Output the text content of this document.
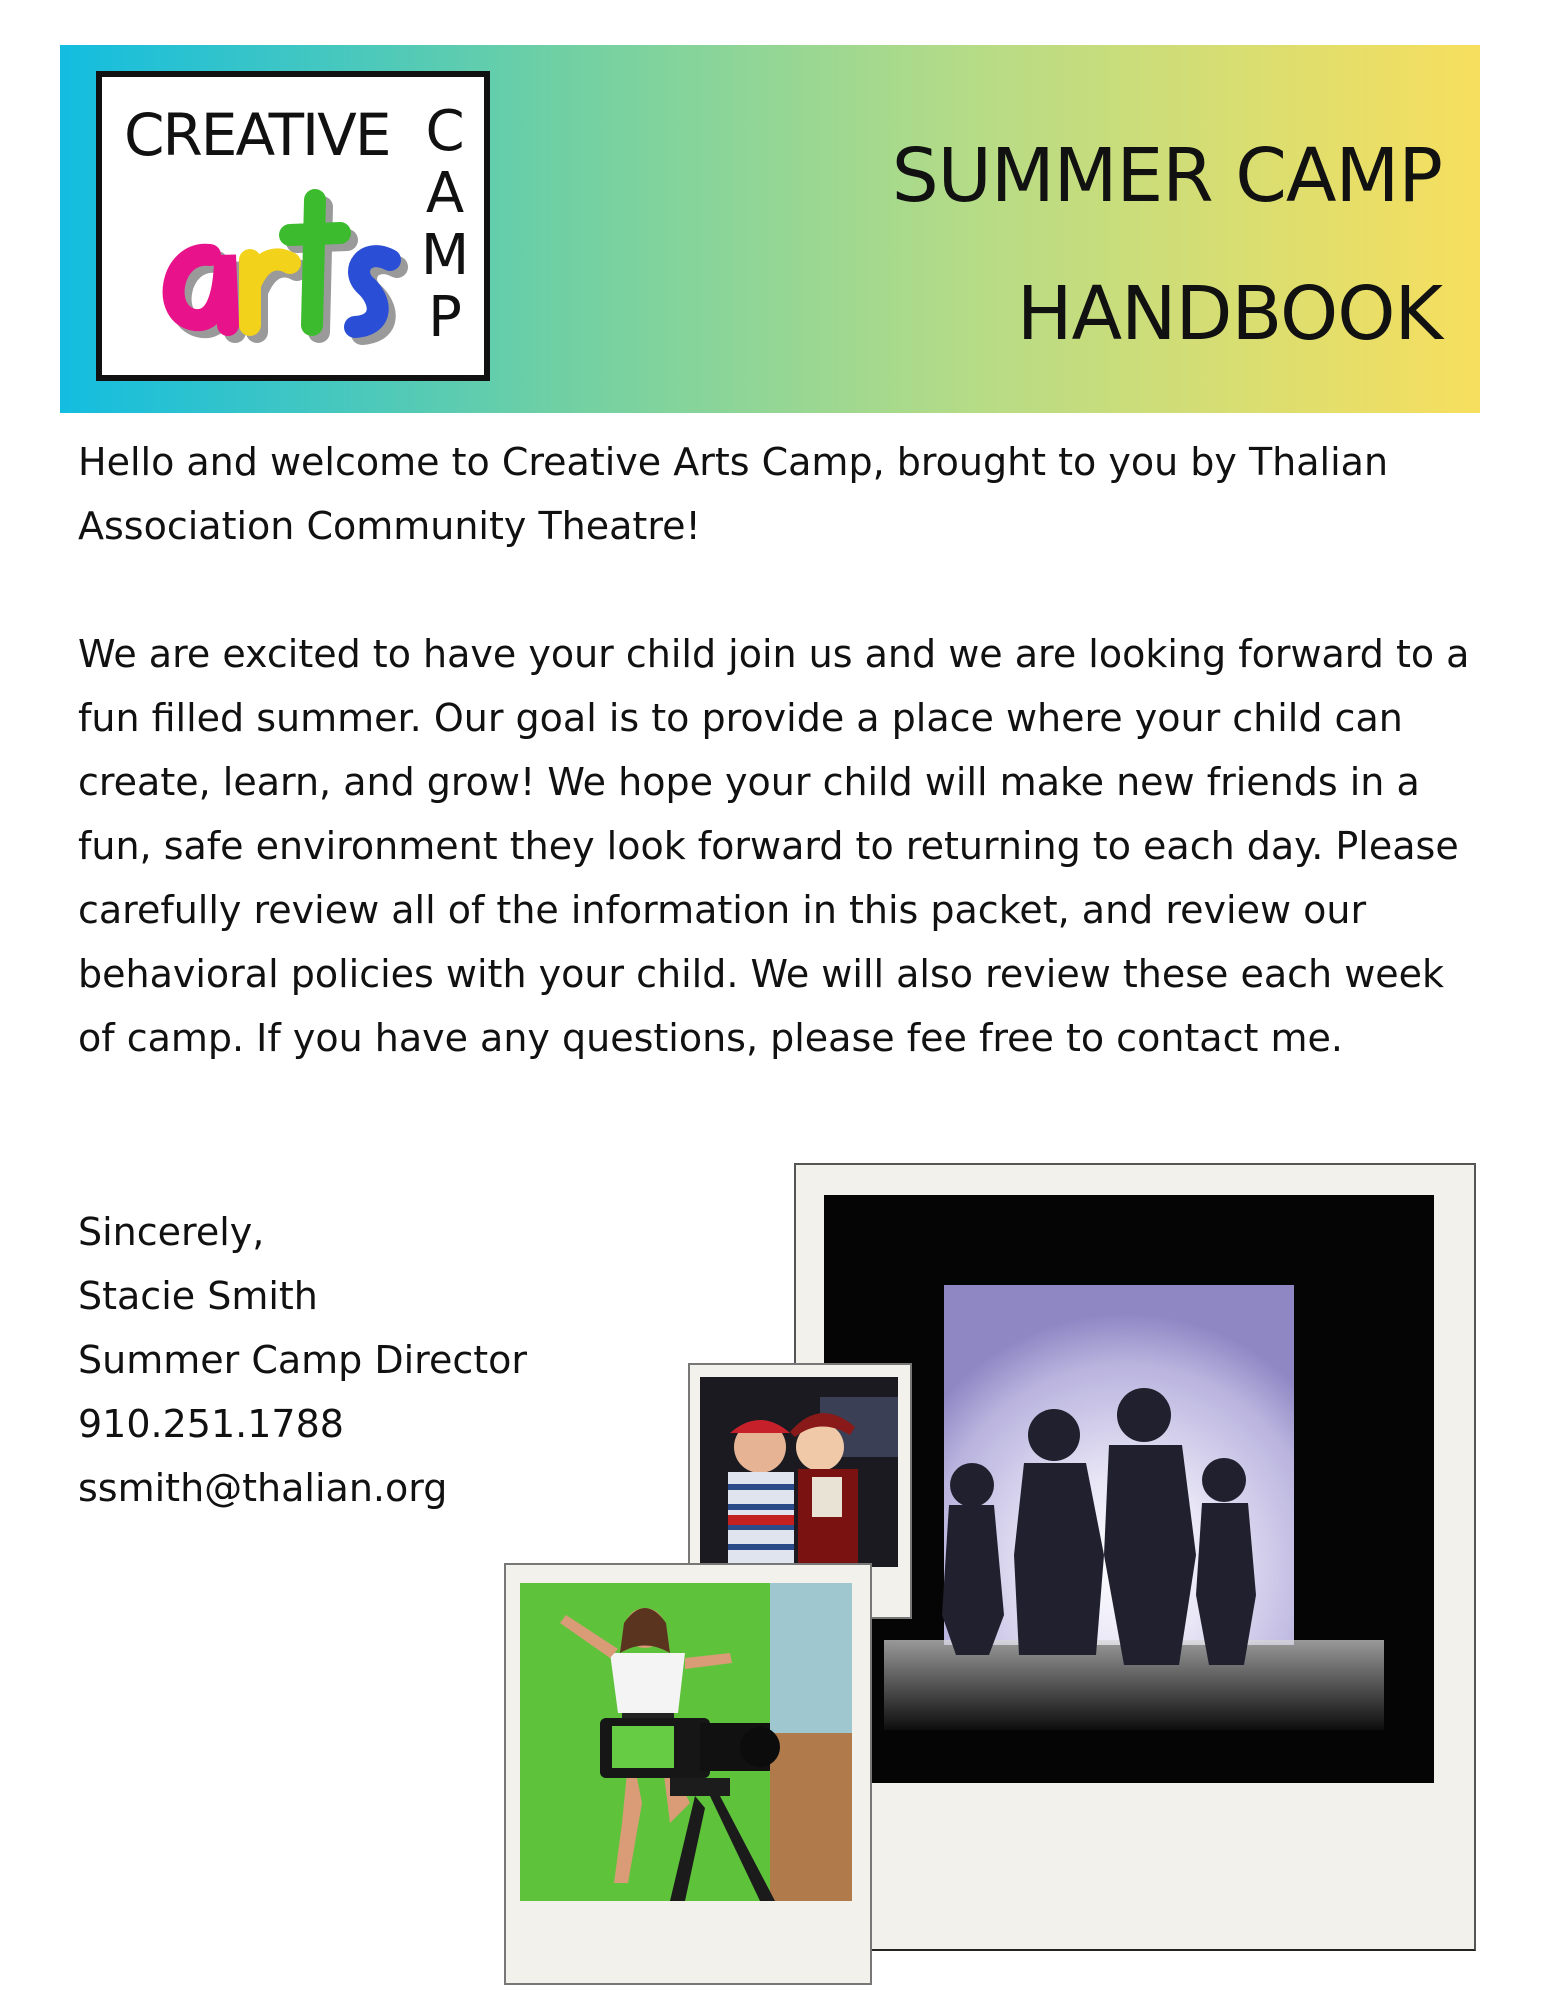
CREATIVE C
A
M
P
SUMMER CAMP
HANDBOOK

Hello and welcome to Creative Arts Camp, brought to you by Thalian Association Community Theatre!

We are excited to have your child join us and we are looking forward to a fun filled summer. Our goal is to provide a place where your child can create, learn, and grow! We hope your child will make new friends in a fun, safe environment they look forward to returning to each day. Please carefully review all of the information in this packet, and review our behavioral policies with your child. We will also review these each week of camp. If you have any questions, please fee free to contact me.

Sincerely,
Stacie Smith
Summer Camp Director
910.251.1788
ssmith@thalian.org
